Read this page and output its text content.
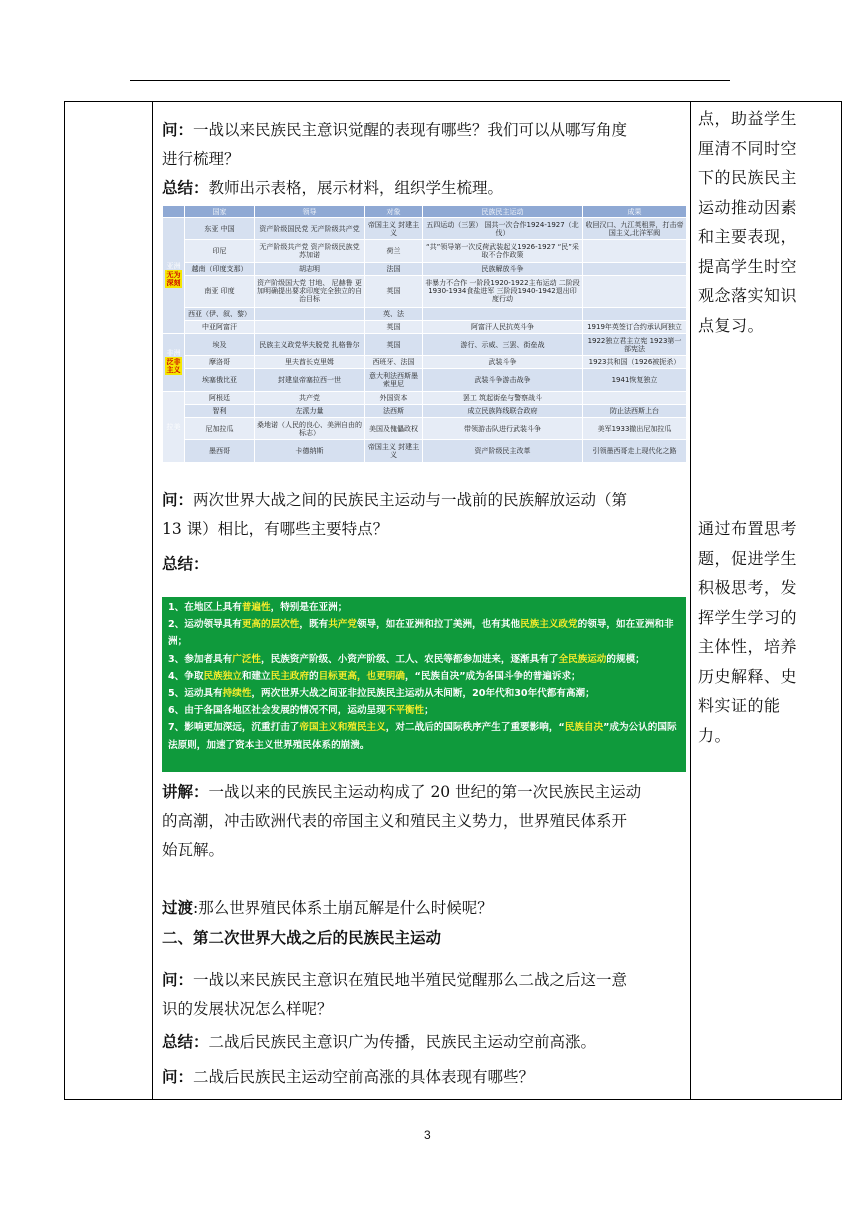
问：一战以来民族民主意识觉醒的表现有哪些？我们可以从哪写角度

进行梳理？

总结：教师出示表格，展示材料，组织学生梳理。

	国家	领导	对象	民族民主运动	成果
亚洲
无为深刻	东亚 中国	资产阶级国民党 无产阶级共产党	帝国主义 封建主义	五四运动（三罢） 国共一次合作1924-1927（北伐）	收回汉口、九江英租界，打击帝国主义,北洋军阀
	印尼	无产阶级共产党 资产阶级民族党苏加诺	荷兰	“共”领导第一次反荷武装起义1926-1927 “民”采取不合作政策	
	越南（印度支那）	胡志明	法国	民族解放斗争	
	南亚 印度	资产阶级国大党 甘地、 尼赫鲁 更加明确提出要求印度完全独立的自治目标	英国	非暴力不合作 一阶段1920-1922主布运动 二阶段1930-1934食盐进军 三阶段1940-1942退出印度行动	
	西亚（伊、叙、黎）		英、法		
	中亚阿富汗		英国	阿富汗人民抗英斗争	1919年英签订合约承认阿独立
非洲
泛非主义	埃及	民族主义政党华夫脱党 扎格鲁尔	英国	游行、示威、三罢、街垒战	1922独立君主立宪 1923第一部宪法
	摩洛哥	里夫酋长克里姆	西班牙、法国	武装斗争	1923共和国（1926被扼杀）
	埃塞俄比亚	封建皇帝塞拉西一世	意大利法西斯墨索里尼	武装斗争游击战争	1941恢复独立
拉美	阿根廷	共产党	外国资本	罢工 筑起街垒与警察战斗	
	智利	左派力量	法西斯	成立民族阵线联合政府	防止法西斯上台
	尼加拉瓜	桑地诺（人民的良心、美洲自由的标志）	美国及傀儡政权	带领游击队进行武装斗争	美军1933撤出尼加拉瓜
	墨西哥	卡德纳斯	帝国主义 封建主义	资产阶级民主改革	引领墨西哥走上现代化之路

问：两次世界大战之间的民族民主运动与一战前的民族解放运动（第

13 课）相比，有哪些主要特点？

总结：

1、在地区上具有普遍性，特别是在亚洲；
2、运动领导具有更高的层次性，既有共产党领导，如在亚洲和拉丁美洲，也有其他民族主义政党的领导，如在亚洲和非洲；
3、参加者具有广泛性，民族资产阶级、小资产阶级、工人、农民等都参加进来，逐渐具有了全民族运动的规模；
4、争取民族独立和建立民主政府的目标更高，也更明确，“民族自决”成为各国斗争的普遍诉求；
5、运动具有持续性，两次世界大战之间亚非拉民族民主运动从未间断，20年代和30年代都有高潮；
6、由于各国各地区社会发展的情况不同，运动呈现不平衡性；
7、影响更加深远，沉重打击了帝国主义和殖民主义，对二战后的国际秩序产生了重要影响，“民族自决”成为公认的国际法原则，加速了资本主义世界殖民体系的崩溃。

讲解：一战以来的民族民主运动构成了 20 世纪的第一次民族民主运动

的高潮，冲击欧洲代表的帝国主义和殖民主义势力，世界殖民体系开

始瓦解。

过渡:那么世界殖民体系土崩瓦解是什么时候呢？

二、第二次世界大战之后的民族民主运动

问：一战以来民族民主意识在殖民地半殖民觉醒那么二战之后这一意

识的发展状况怎么样呢？

总结：二战后民族民主意识广为传播，民族民主运动空前高涨。

问：二战后民族民主运动空前高涨的具体表现有哪些？

点，助益学生
厘清不同时空
下的民族民主
运动推动因素
和主要表现，
提高学生时空
观念落实知识
点复习。
通过布置思考
题，促进学生
积极思考，发
挥学生学习的
主体性，培养
历史解释、史
料实证的能
力。
3
